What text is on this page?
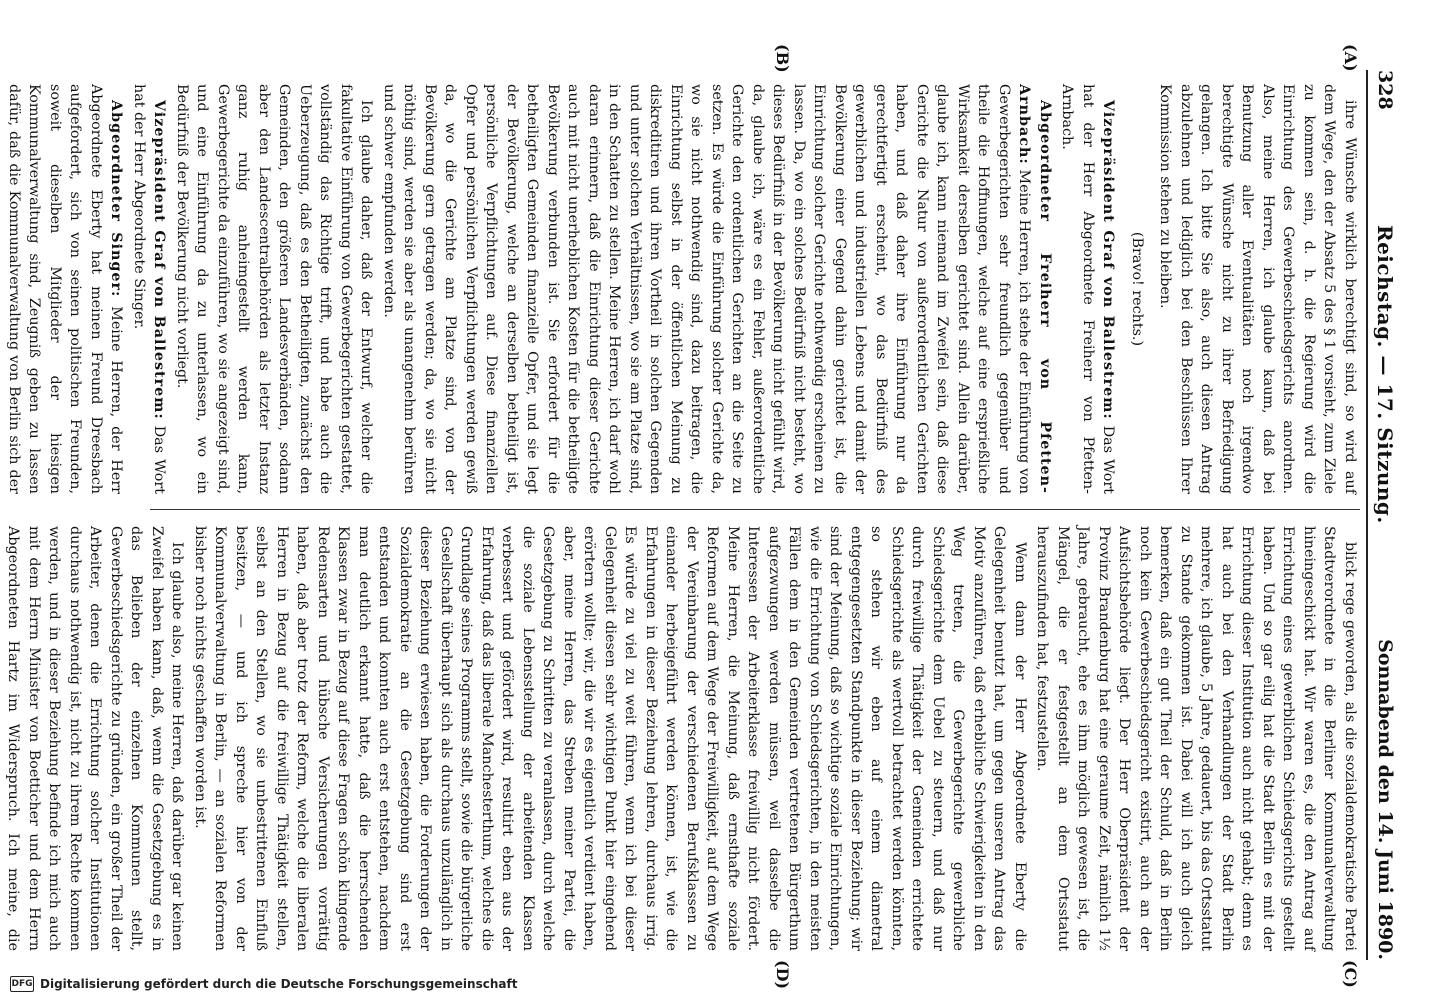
328
Reichstag. — 17. Sitzung.
Sonnabend den 14. Juni 1890.
(A)
(B)
(C)
(D)

ihre Wünsche wirklich berechtigt sind, so wird auf dem Wege, den der Absatz 5 des § 1 vorsieht, zum Ziele zu kommen sein, d. h. die Regierung wird die Einrichtung des Gewerbeschiedsgerichts anordnen. Also, meine Herren, ich glaube kaum, daß bei Benutzung aller Eventualitäten noch irgendwo berechtigte Wünsche nicht zu ihrer Befriedigung gelangen. Ich bitte Sie also, auch diesen Antrag abzulehnen und lediglich bei den Beschlüssen Ihrer Kommission stehen zu bleiben.

(Bravo! rechts.)

Vizepräsident Graf von Ballestrem: Das Wort hat der Herr Abgeordnete Freiherr von Pfetten-Arnbach.

Abgeordneter Freiherr von Pfetten-Arnbach: Meine Herren, ich stehe der Einführung von Gewerbegerichten sehr freundlich gegenüber und theile die Hoffnungen, welche auf eine ersprießliche Wirksamkeit derselben gerichtet sind. Allein darüber, glaube ich, kann niemand im Zweifel sein, daß diese Gerichte die Natur von außerordentlichen Gerichten haben, und daß daher ihre Einführung nur da gerechtfertigt erscheint, wo das Bedürfniß des gewerblichen und industriellen Lebens und damit der Bevölkerung einer Gegend dahin gerichtet ist, die Einrichtung solcher Gerichte nothwendig erscheinen zu lassen. Da, wo ein solches Bedürfniß nicht besteht, wo dieses Bedürfniß in der Bevölkerung nicht gefühlt wird, da, glaube ich, wäre es ein Fehler, außerordentliche Gerichte den ordentlichen Gerichten an die Seite zu setzen. Es würde die Einführung solcher Gerichte da, wo sie nicht nothwendig sind, dazu beitragen, die Einrichtung selbst in der öffentlichen Meinung zu diskreditiren und ihren Vortheil in solchen Gegenden und unter solchen Verhältnissen, wo sie am Platze sind, in den Schatten zu stellen. Meine Herren, ich darf wohl daran erinnern, daß die Einrichtung dieser Gerichte auch mit nicht unerheblichen Kosten für die betheiligte Bevölkerung verbunden ist. Sie erfordert für die betheiligten Gemeinden finanzielle Opfer, und sie legt der Bevölkerung, welche an derselben betheiligt ist, persönliche Verpflichtungen auf. Diese finanziellen Opfer und persönlichen Verpflichtungen werden gewiß da, wo die Gerichte am Platze sind, von der Bevölkerung gern getragen werden; da, wo sie nicht nöthig sind, werden sie aber als unangenehm berühren und schwer empfunden werden.

Ich glaube daher, daß der Entwurf, welcher die fakultative Einführung von Gewerbegerichten gestattet, vollständig das Richtige trifft, und habe auch die Ueberzeugung, daß es den Betheiligten, zunächst den Gemeinden, den größeren Landesverbänden, sodann aber den Landescentralbehörden als letzter Instanz ganz ruhig anheimgestellt werden kann, Gewerbegerichte da einzuführen, wo sie angezeigt sind, und eine Einführung da zu unterlassen, wo ein Bedürfniß der Bevölkerung nicht vorliegt.

Vizepräsident Graf von Ballestrem: Das Wort hat der Herr Abgeordnete Singer.

Abgeordneter Singer: Meine Herren, der Herr Abgeordnete Eberty hat meinen Freund Dreesbach aufgefordert, sich von seinen politischen Freunden, soweit dieselben Mitglieder der hiesigen Kommunalverwaltung sind, Zeugniß geben zu lassen dafür, daß die Kommunalverwaltung von Berlin sich der

blick rege geworden, als die sozialdemokratische Partei Stadtverordnete in die Berliner Kommunalverwaltung hineingeschickt hat. Wir waren es, die den Antrag auf Errichtung eines gewerblichen Schiedsgerichts gestellt haben. Und so gar eilig hat die Stadt Berlin es mit der Errichtung dieser Institution auch nicht gehabt; denn es hat auch bei den Verhandlungen der Stadt Berlin mehrere, ich glaube, 5 Jahre, gedauert, bis das Ortsstatut zu Stande gekommen ist. Dabei will ich auch gleich bemerken, daß ein gut Theil der Schuld, daß in Berlin noch kein Gewerbeschiedsgericht existirt, auch an der Aufsichtsbehörde liegt. Der Herr Oberpräsident der Provinz Brandenburg hat eine geraume Zeit, nämlich 1½ Jahre, gebraucht, ehe es ihm möglich gewesen ist, die Mängel, die er festgestellt an dem Ortsstatut herauszufinden hat, festzustellen.

Wenn dann der Herr Abgeordnete Eberty die Gelegenheit benutzt hat, um gegen unseren Antrag das Motiv anzuführen, daß erhebliche Schwierigkeiten in den Weg treten, die Gewerbegerichte gewerbliche Schiedsgerichte dem Uebel zu steuern, und daß nur durch freiwillige Thätigkeit der Gemeinden errichtete Schiedsgerichte als wertvoll betrachtet werden könnten, so stehen wir eben auf einem diametral entgegengesetzten Standpunkte in dieser Beziehung; wir sind der Meinung, daß so wichtige soziale Einrichtungen, wie die Errichtung von Schiedsgerichten, in den meisten Fällen dem in den Gemeinden vertretenen Bürgerthum aufgezwungen werden müssen, weil dasselbe die Interessen der Arbeiterklasse freiwillig nicht fördert. Meine Herren, die Meinung, daß ernsthafte soziale Reformen auf dem Wege der Freiwilligkeit, auf dem Wege der Vereinbarung der verschiedenen Berufsklassen zu einander herbeigeführt werden können, ist, wie die Erfahrungen in dieser Beziehung lehren, durchaus irrig. Es würde zu viel zu weit führen, wenn ich bei dieser Gelegenheit diesen sehr wichtigen Punkt hier eingehend erörtern wollte; wir, die wir es eigentlich verdient haben, aber, meine Herren, das Streben meiner Partei, die Gesetzgebung zu Schritten zu veranlassen, durch welche die soziale Lebensstellung der arbeitenden Klassen verbessert und gefördert wird, resultirt eben aus der Erfahrung, daß das liberale Manchesterthum, welches die Grundlage seines Programms stellt, sowie die bürgerliche Gesellschaft überhaupt sich als durchaus unzulänglich in dieser Beziehung erwiesen haben, die Forderungen der Sozialdemokratie an die Gesetzgebung sind erst entstanden und konnten auch erst entstehen, nachdem man deutlich erkannt hatte, daß die herrschenden Klassen zwar in Bezug auf diese Fragen schön klingende Redensarten und hübsche Versicherungen vorrättig haben, daß aber trotz der Reform, welche die liberalen Herren in Bezug auf die freiwillige Thätigkeit stellen, selbst an den Stellen, wo sie unbestrittenen Einfluß besitzen, — und ich spreche hier von der Kommunalverwaltung in Berlin, — an sozialen Reformen bisher noch nichts geschaffen worden ist.

Ich glaube also, meine Herren, daß darüber gar keinen Zweifel haben kann, daß, wenn die Gesetzgebung es in das Belieben der einzelnen Kommunen stellt, Gewerbeschiedsgerichte zu gründen, ein großer Theil der Arbeiter, denen die Errichtung solcher Institutionen durchaus nothwendig ist, nicht zu ihrem Rechte kommen werden, und in dieser Beziehung befinde ich mich auch mit dem Herrn Minister von Boetticher und dem Herrn Abgeordneten Hartz im Widerspruch. Ich meine, die

DFG Digitalisierung gefördert durch die Deutsche Forschungsgemeinschaft
